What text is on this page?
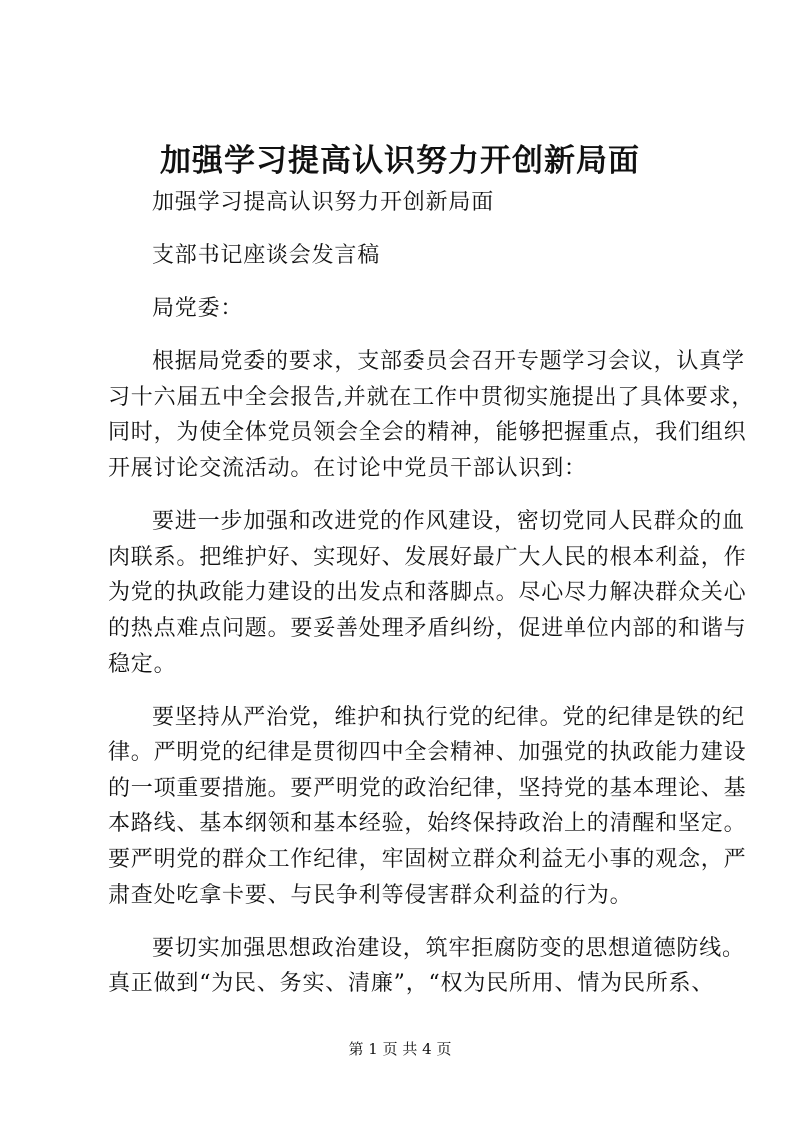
加强学习提高认识努力开创新局面

加强学习提高认识努力开创新局面

支部书记座谈会发言稿

局党委：

根据局党委的要求，支部委员会召开专题学习会议，认真学

习十六届五中全会报告,并就在工作中贯彻实施提出了具体要求，

同时，为使全体党员领会全会的精神，能够把握重点，我们组织

开展讨论交流活动。在讨论中党员干部认识到：

要进一步加强和改进党的作风建设，密切党同人民群众的血

肉联系。把维护好、实现好、发展好最广大人民的根本利益，作

为党的执政能力建设的出发点和落脚点。尽心尽力解决群众关心

的热点难点问题。要妥善处理矛盾纠纷，促进单位内部的和谐与

稳定。

要坚持从严治党，维护和执行党的纪律。党的纪律是铁的纪

律。严明党的纪律是贯彻四中全会精神、加强党的执政能力建设

的一项重要措施。要严明党的政治纪律，坚持党的基本理论、基

本路线、基本纲领和基本经验，始终保持政治上的清醒和坚定。

要严明党的群众工作纪律，牢固树立群众利益无小事的观念，严

肃查处吃拿卡要、与民争利等侵害群众利益的行为。

要切实加强思想政治建设，筑牢拒腐防变的思想道德防线。

真正做到“为民、务实、清廉”，“权为民所用、情为民所系、

第 1 页 共 4 页
